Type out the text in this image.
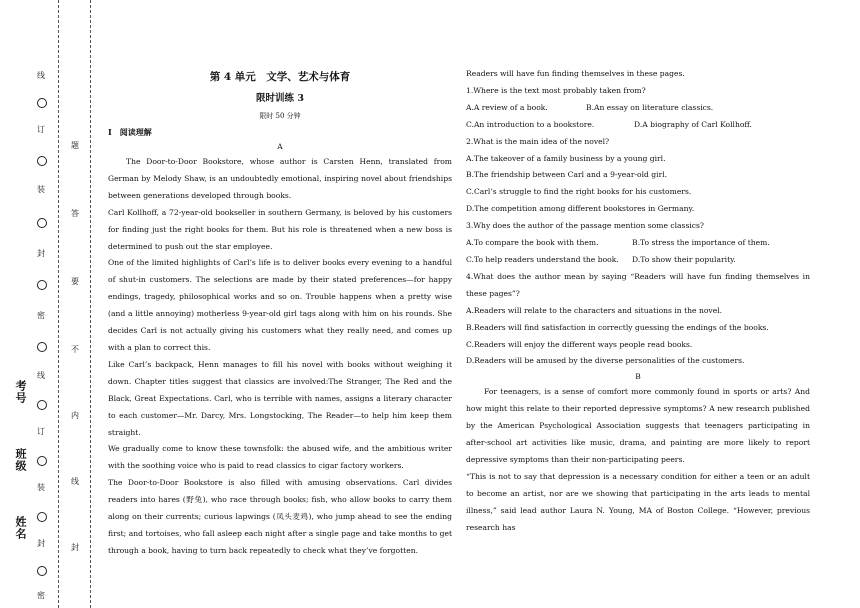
线
订
装
封
密
线
订
装
封
密
题
答
要
不
内
线
封
考号
班级
姓名
第 4 单元　文学、艺术与体育
限时训练 3
限时 50 分钟
Ⅰ　阅读理解
A

The Door-to-Door Bookstore, whose author is Carsten Henn, translated from German by Melody Shaw, is an undoubtedly emotional, inspiring novel about friendships between generations developed through books.

Carl Kollhoff, a 72-year-old bookseller in southern Germany, is beloved by his customers for finding just the right books for them. But his role is threatened when a new boss is determined to push out the star employee.

One of the limited highlights of Carl’s life is to deliver books every evening to a handful of shut-in customers. The selections are made by their stated preferences—for happy endings, tragedy, philosophical works and so on. Trouble happens when a pretty wise (and a little annoying) motherless 9-year-old girl tags along with him on his rounds. She decides Carl is not actually giving his customers what they really need, and comes up with a plan to correct this.

Like Carl’s backpack, Henn manages to fill his novel with books without weighing it down. Chapter titles suggest that classics are involved:The Stranger, The Red and the Black, Great Expectations. Carl, who is terrible with names, assigns a literary character to each customer—Mr. Darcy, Mrs. Longstocking, The Reader—to help him keep them straight.

We gradually come to know these townsfolk: the abused wife, and the ambitious writer with the soothing voice who is paid to read classics to cigar factory workers.

The Door-to-Door Bookstore is also filled with amusing observations. Carl divides readers into hares (野兔), who race through books; fish, who allow books to carry them along on their currents; curious lapwings (凤头麦鸡), who jump ahead to see the ending first; and tortoises, who fall asleep each night after a single page and take months to get through a book, having to turn back repeatedly to check what they’ve forgotten.

Readers will have fun finding themselves in these pages.

1.Where is the text most probably taken from?

A.A review of a book.	B.An essay on literature classics.
C.An introduction to a bookstore.	D.A biography of Carl Kollhoff.

2.What is the main idea of the novel?

A.The takeover of a family business by a young girl.

B.The friendship between Carl and a 9-year-old girl.

C.Carl’s struggle to find the right books for his customers.

D.The competition among different bookstores in Germany.

3.Why does the author of the passage mention some classics?

A.To compare the book with them.	B.To stress the importance of them.
C.To help readers understand the book.	D.To show their popularity.

4.What does the author mean by saying “Readers will have fun finding themselves in these pages”?

A.Readers will relate to the characters and situations in the novel.

B.Readers will find satisfaction in correctly guessing the endings of the books.

C.Readers will enjoy the different ways people read books.

D.Readers will be amused by the diverse personalities of the customers.

B

For teenagers, is a sense of comfort more commonly found in sports or arts? And how might this relate to their reported depressive symptoms? A new research published by the American Psychological Association suggests that teenagers participating in after-school art activities like music, drama, and painting are more likely to report depressive symptoms than their non-participating peers.

“This is not to say that depression is a necessary condition for either a teen or an adult to become an artist, nor are we showing that participating in the arts leads to mental illness,” said lead author Laura N. Young, MA of Boston College. “However, previous research has
